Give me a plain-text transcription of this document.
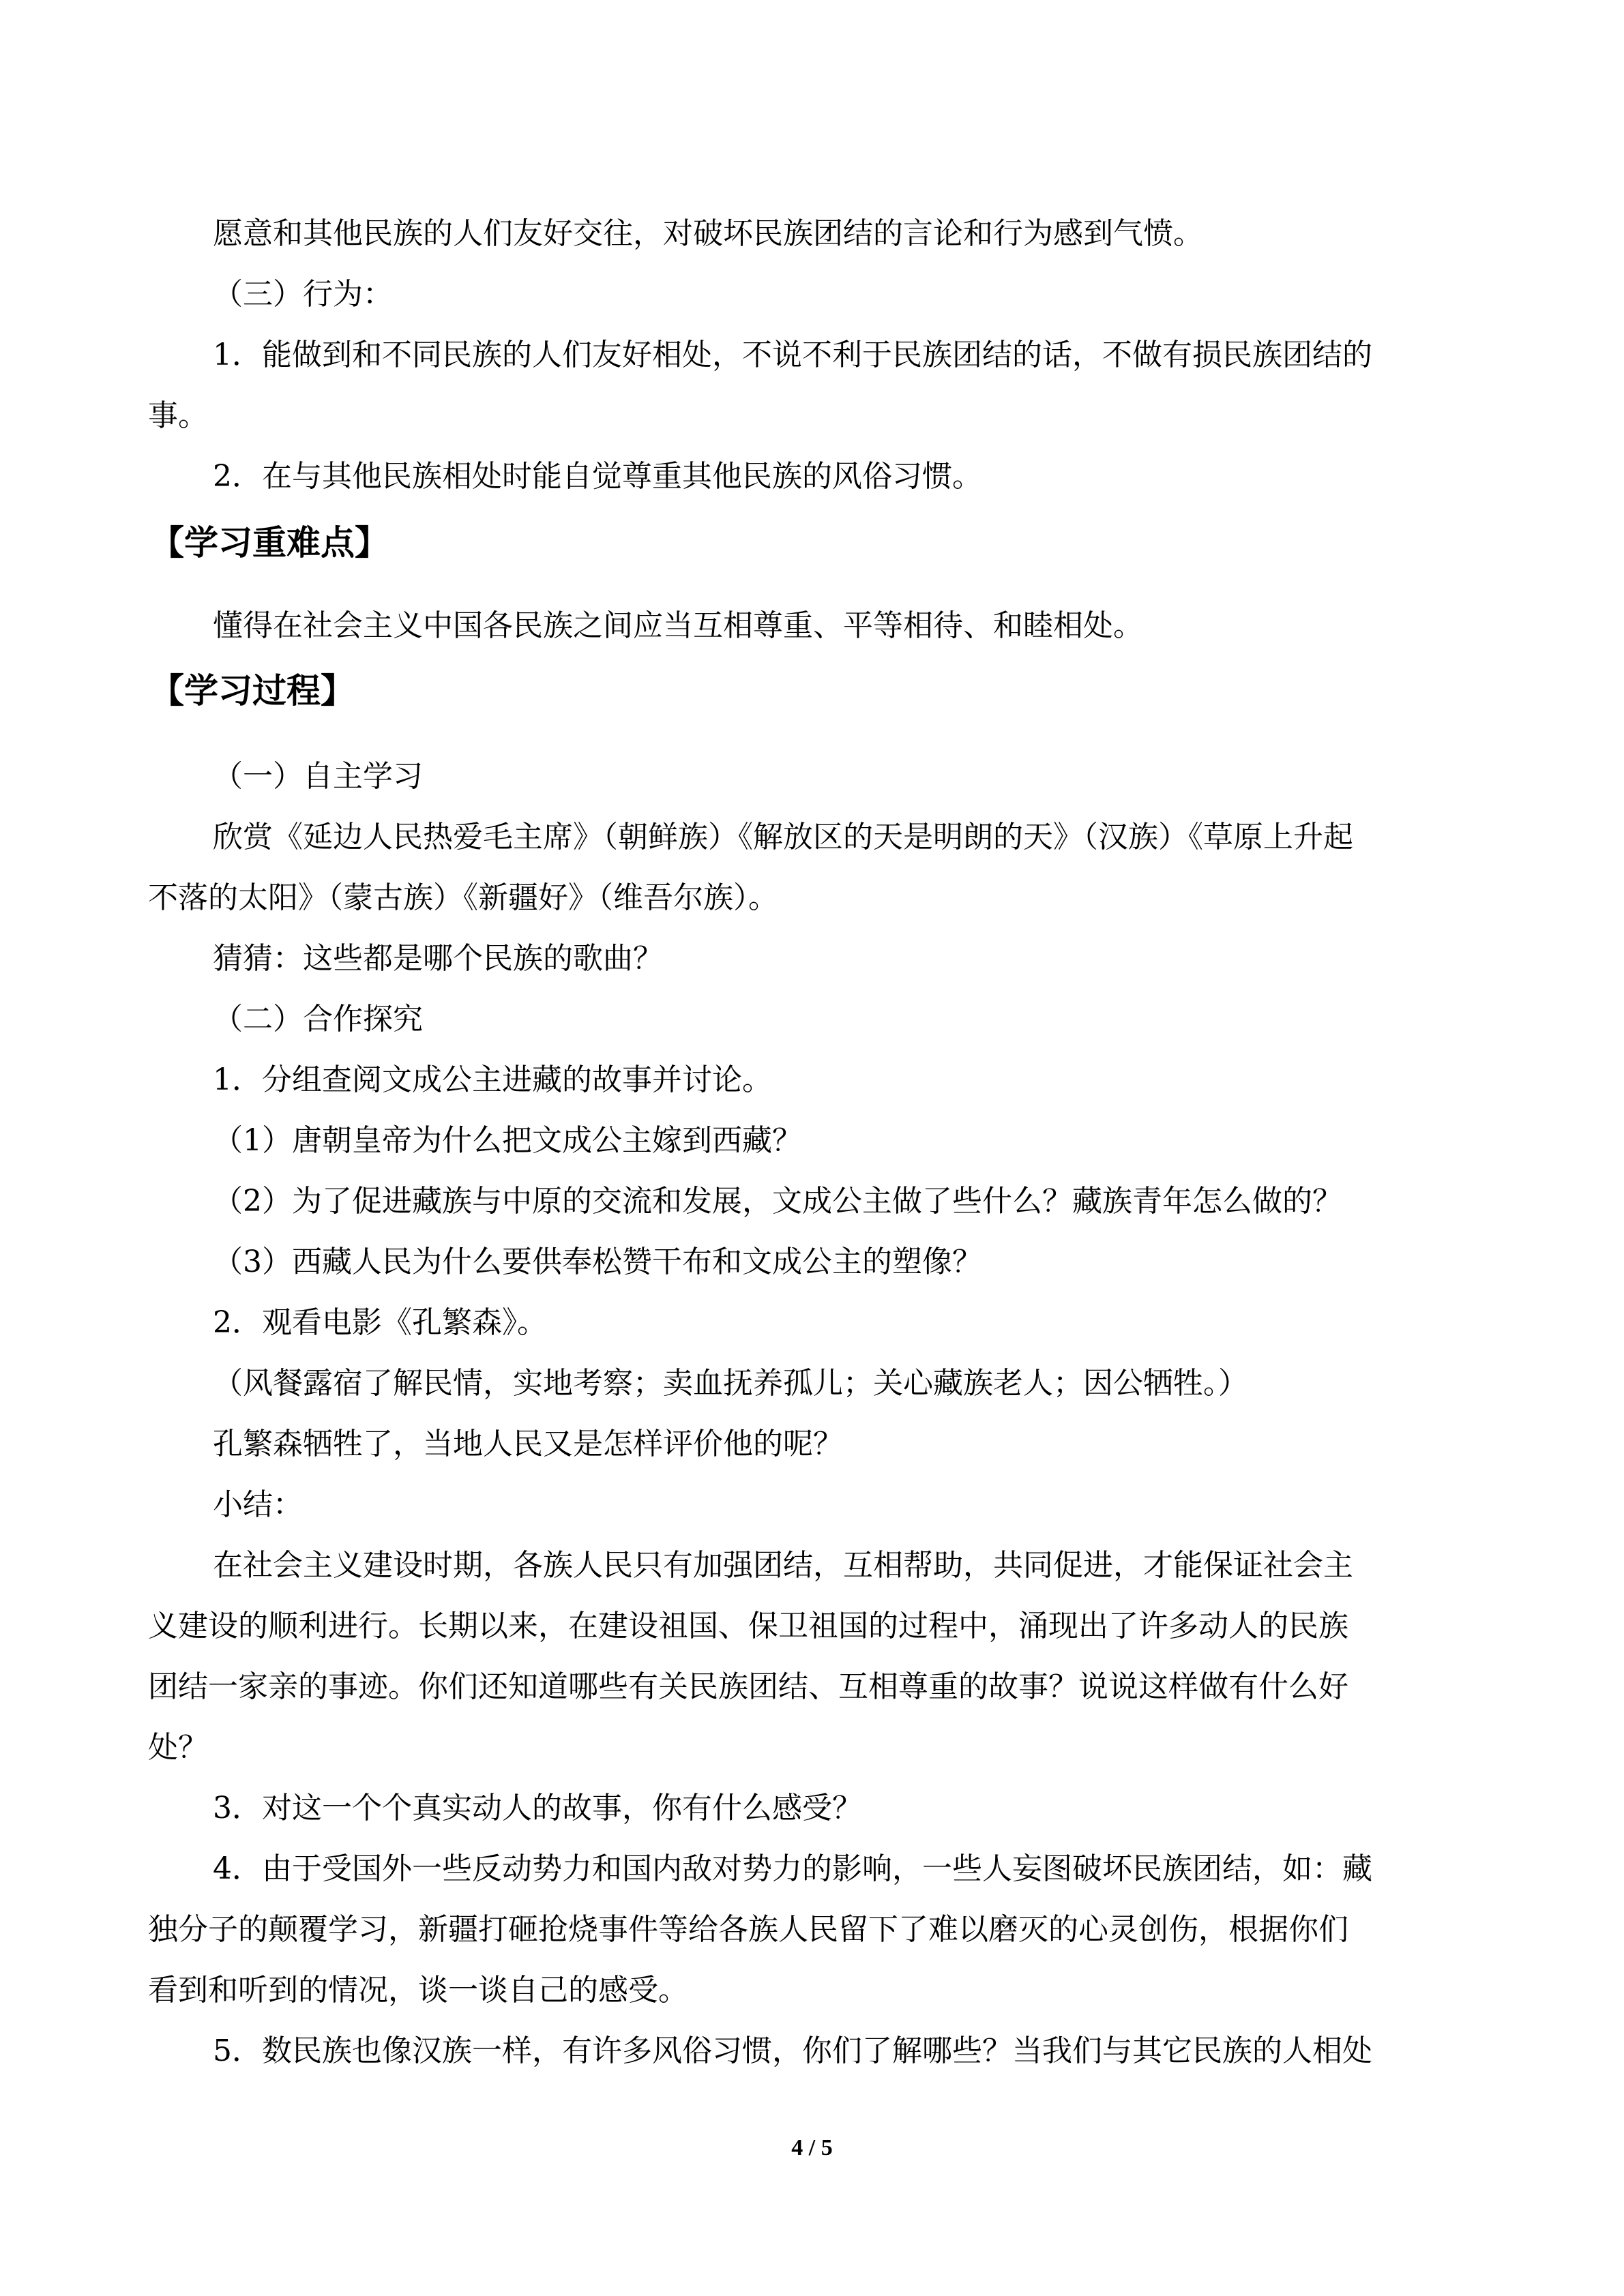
愿意和其他民族的人们友好交往，对破坏民族团结的言论和行为感到气愤。
（三）行为：
1．能做到和不同民族的人们友好相处，不说不利于民族团结的话，不做有损民族团结的
事。
2．在与其他民族相处时能自觉尊重其他民族的风俗习惯。
【学习重难点】
懂得在社会主义中国各民族之间应当互相尊重、平等相待、和睦相处。
【学习过程】
（一）自主学习
欣赏《延边人民热爱毛主席》（朝鲜族）《解放区的天是明朗的天》（汉族）《草原上升起
不落的太阳》（蒙古族）《新疆好》（维吾尔族）。
猜猜：这些都是哪个民族的歌曲？
（二）合作探究
1．分组查阅文成公主进藏的故事并讨论。
（1）唐朝皇帝为什么把文成公主嫁到西藏？
（2）为了促进藏族与中原的交流和发展，文成公主做了些什么？藏族青年怎么做的？
（3）西藏人民为什么要供奉松赞干布和文成公主的塑像？
2．观看电影《孔繁森》。
（风餐露宿了解民情，实地考察；卖血抚养孤儿；关心藏族老人；因公牺牲。）
孔繁森牺牲了，当地人民又是怎样评价他的呢？
小结：
在社会主义建设时期，各族人民只有加强团结，互相帮助，共同促进，才能保证社会主
义建设的顺利进行。长期以来，在建设祖国、保卫祖国的过程中，涌现出了许多动人的民族
团结一家亲的事迹。你们还知道哪些有关民族团结、互相尊重的故事？说说这样做有什么好
处？
3．对这一个个真实动人的故事，你有什么感受？
4．由于受国外一些反动势力和国内敌对势力的影响，一些人妄图破坏民族团结，如：藏
独分子的颠覆学习，新疆打砸抢烧事件等给各族人民留下了难以磨灭的心灵创伤，根据你们
看到和听到的情况，谈一谈自己的感受。
5．数民族也像汉族一样，有许多风俗习惯，你们了解哪些？当我们与其它民族的人相处
4 / 5
